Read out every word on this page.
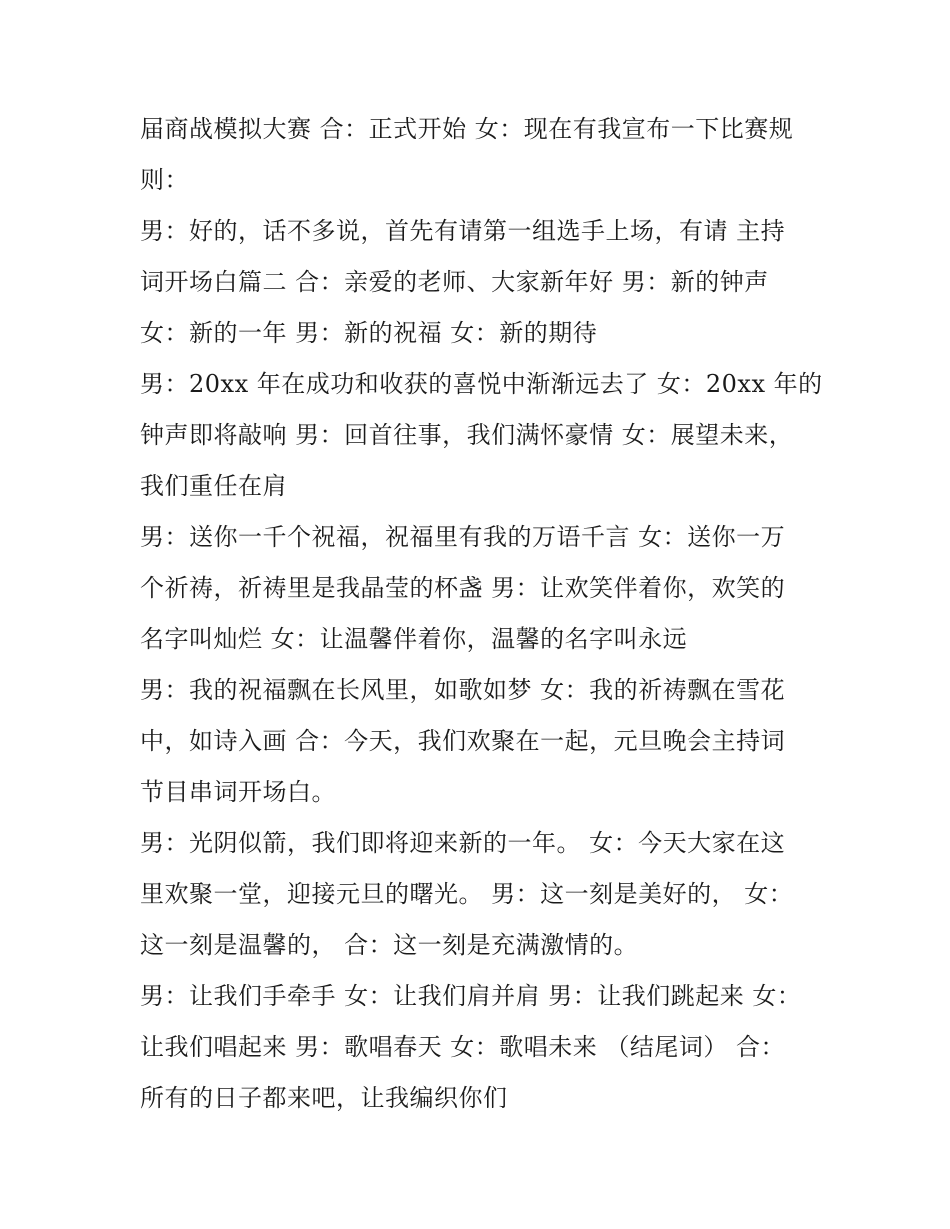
届商战模拟大赛 合：正式开始 女：现在有我宣布一下比赛规
则：
男：好的，话不多说，首先有请第一组选手上场，有请 主持
词开场白篇二 合：亲爱的老师、大家新年好 男：新的钟声
女：新的一年 男：新的祝福 女：新的期待
男：20xx 年在成功和收获的喜悦中渐渐远去了 女：20xx 年的
钟声即将敲响 男：回首往事，我们满怀豪情 女：展望未来，
我们重任在肩
男：送你一千个祝福，祝福里有我的万语千言 女：送你一万
个祈祷，祈祷里是我晶莹的杯盏 男：让欢笑伴着你，欢笑的
名字叫灿烂 女：让温馨伴着你，温馨的名字叫永远
男：我的祝福飘在长风里，如歌如梦 女：我的祈祷飘在雪花
中，如诗入画 合：今天，我们欢聚在一起，元旦晚会主持词
节目串词开场白。
男：光阴似箭，我们即将迎来新的一年。 女：今天大家在这
里欢聚一堂，迎接元旦的曙光。 男：这一刻是美好的， 女：
这一刻是温馨的， 合：这一刻是充满激情的。
男：让我们手牵手 女：让我们肩并肩 男：让我们跳起来 女：
让我们唱起来 男：歌唱春天 女：歌唱未来 （结尾词） 合：
所有的日子都来吧，让我编织你们
